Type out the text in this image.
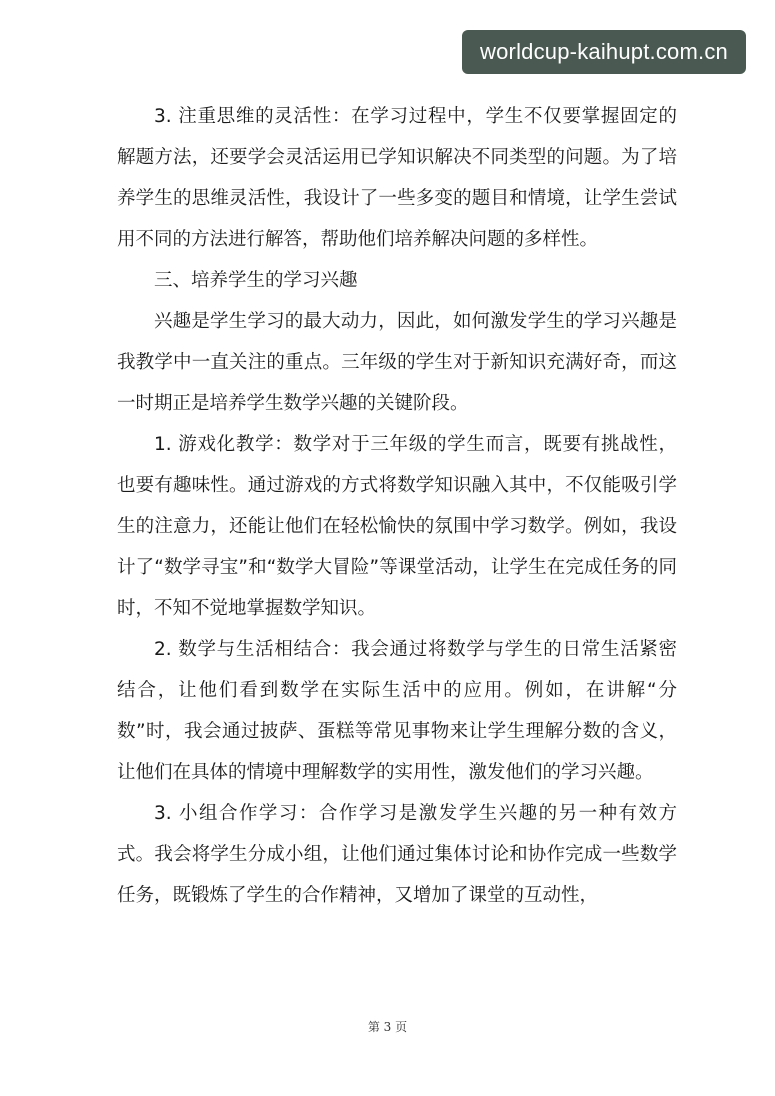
worldcup-kaihupt.com.cn

3. 注重思维的灵活性：在学习过程中，学生不仅要掌握固定的解题方法，还要学会灵活运用已学知识解决不同类型的问题。为了培养学生的思维灵活性，我设计了一些多变的题目和情境，让学生尝试用不同的方法进行解答，帮助他们培养解决问题的多样性。

三、培养学生的学习兴趣

兴趣是学生学习的最大动力，因此，如何激发学生的学习兴趣是我教学中一直关注的重点。三年级的学生对于新知识充满好奇，而这一时期正是培养学生数学兴趣的关键阶段。

1. 游戏化教学：数学对于三年级的学生而言，既要有挑战性，也要有趣味性。通过游戏的方式将数学知识融入其中，不仅能吸引学生的注意力，还能让他们在轻松愉快的氛围中学习数学。例如，我设计了“数学寻宝”和“数学大冒险”等课堂活动，让学生在完成任务的同时，不知不觉地掌握数学知识。

2. 数学与生活相结合：我会通过将数学与学生的日常生活紧密结合，让他们看到数学在实际生活中的应用。例如，在讲解“分数”时，我会通过披萨、蛋糕等常见事物来让学生理解分数的含义，让他们在具体的情境中理解数学的实用性，激发他们的学习兴趣。

3. 小组合作学习：合作学习是激发学生兴趣的另一种有效方式。我会将学生分成小组，让他们通过集体讨论和协作完成一些数学任务，既锻炼了学生的合作精神，又增加了课堂的互动性，

第 3 页
